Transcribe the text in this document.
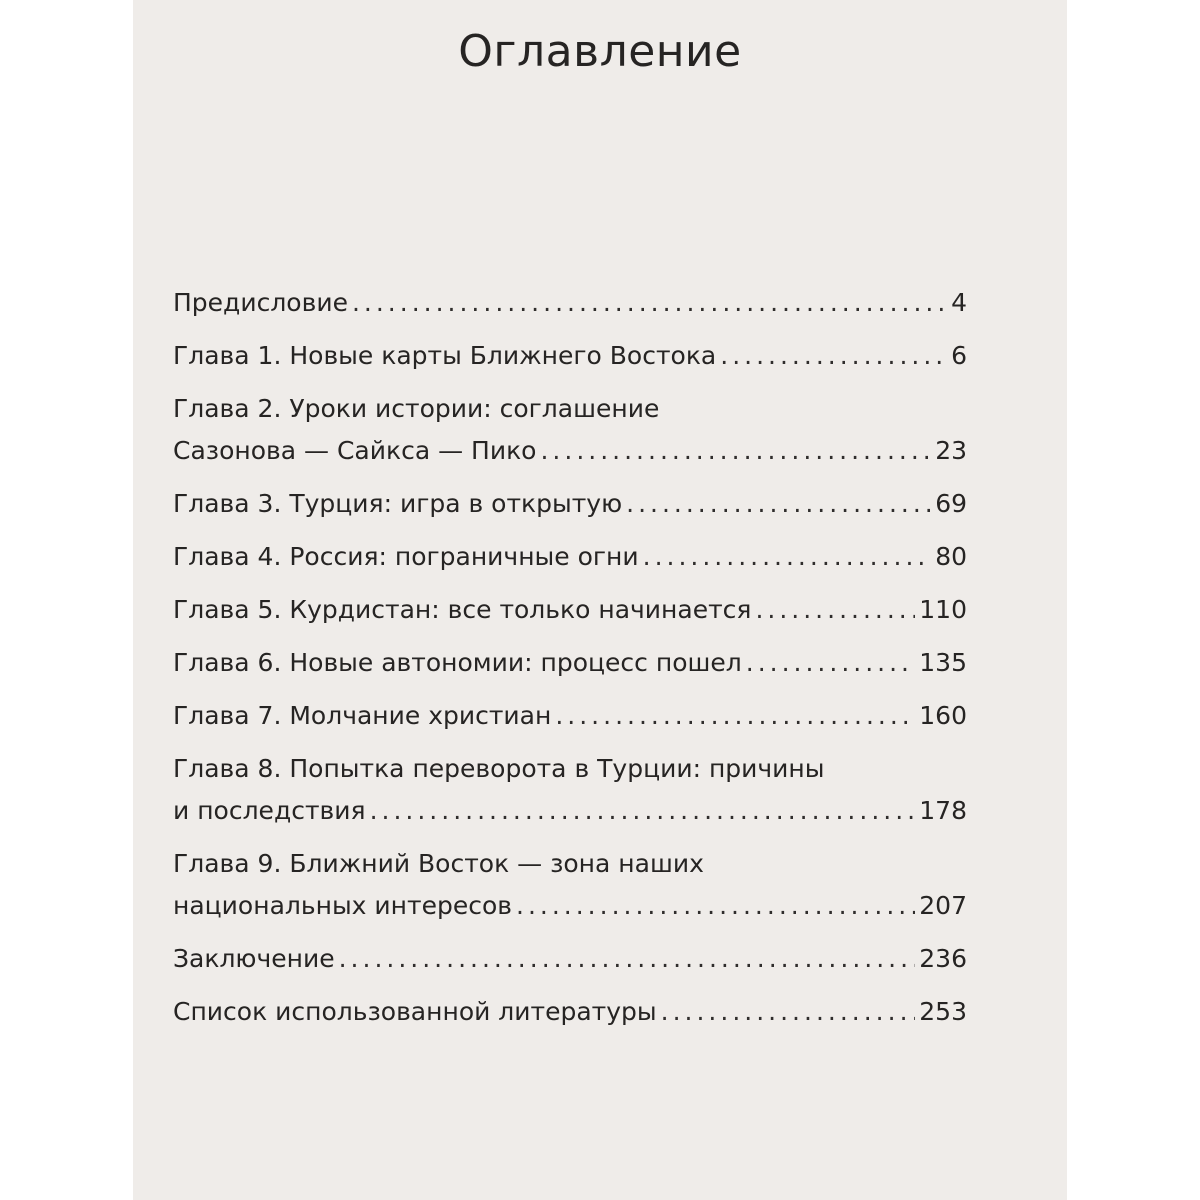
Оглавление
Предисловие .....	4
Глава 1. Новые карты Ближнего Востока .....	6
Глава 2. Уроки истории: соглашение
Сазонова — Сайкса — Пико .....	23
Глава 3. Турция: игра в открытую .....	69
Глава 4. Россия: пограничные огни .....	80
Глава 5. Курдистан: все только начинается .....	110
Глава 6. Новые автономии: процесс пошел .....	135
Глава 7. Молчание христиан .....	160
Глава 8. Попытка переворота в Турции: причины
и последствия .....	178
Глава 9. Ближний Восток — зона наших
национальных интересов .....	207
Заключение .....	236
Список использованной литературы .....	253
